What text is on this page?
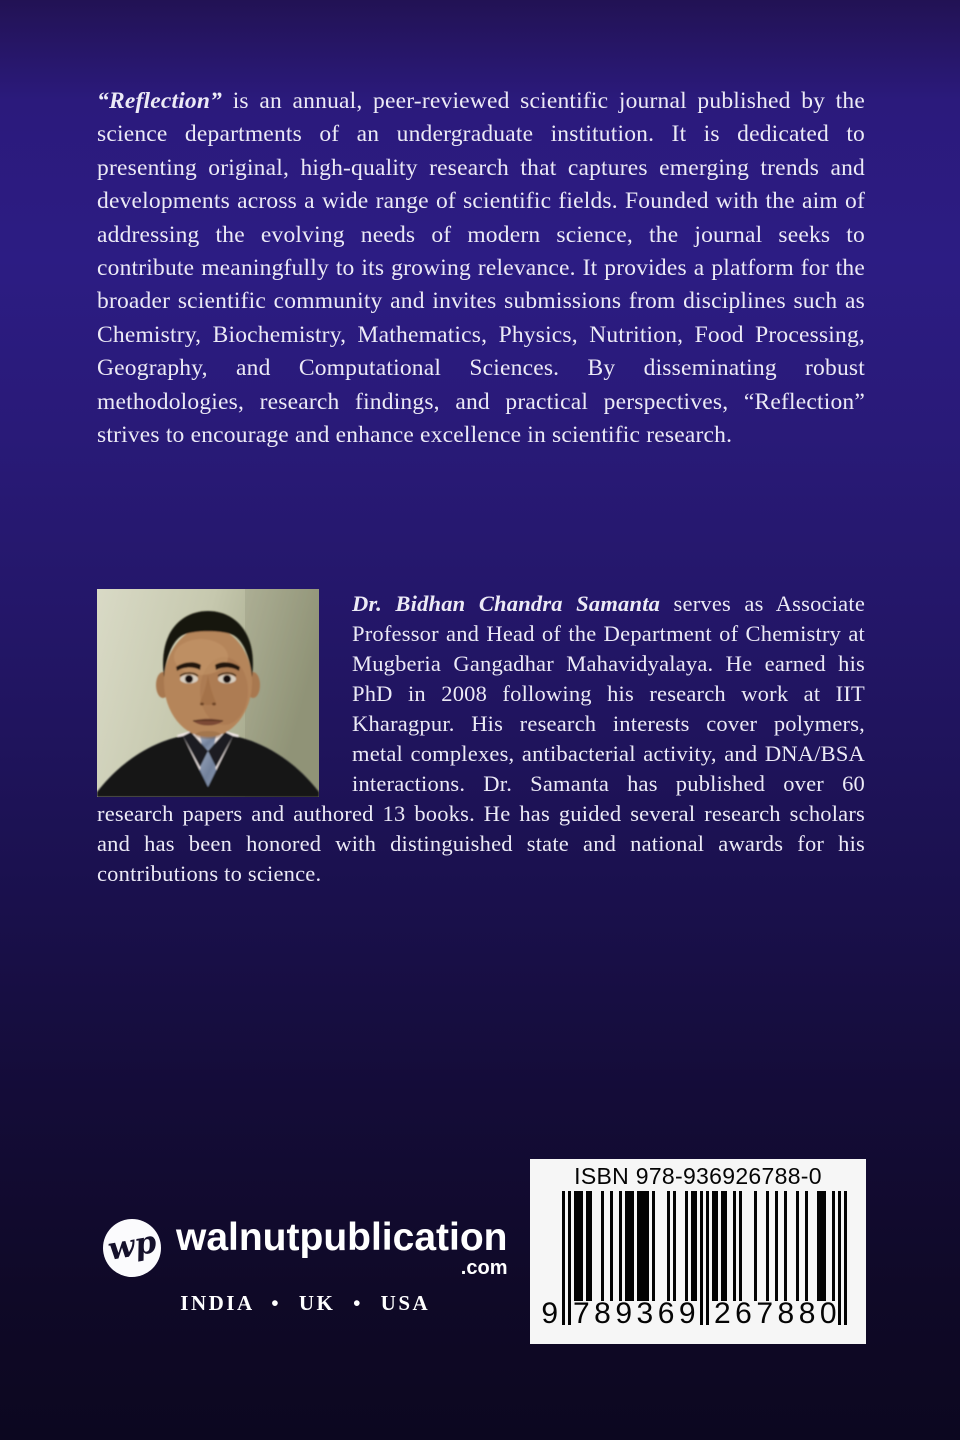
“Reflection” is an annual, peer-reviewed scientific journal published by the science departments of an undergraduate institution. It is dedicated to presenting original, high-quality research that captures emerging trends and developments across a wide range of scientific fields. Founded with the aim of addressing the evolving needs of modern science, the journal seeks to contribute meaningfully to its growing relevance. It provides a platform for the broader scientific community and invites submissions from disciplines such as Chemistry, Biochemistry, Mathematics, Physics, Nutrition, Food Processing, Geography, and Computational Sciences. By disseminating robust methodologies, research findings, and practical perspectives, “Reflection” strives to encourage and enhance excellence in scientific research.

Dr. Bidhan Chandra Samanta serves as Associate Professor and Head of the Department of Chemistry at Mugberia Gangadhar Mahavidyalaya. He earned his PhD in 2008 following his research work at IIT Kharagpur. His research interests cover polymers, metal complexes, antibacterial activity, and DNA/BSA interactions. Dr. Samanta has published over 60 research papers and authored 13 books. He has guided several research scholars and has been honored with distinguished state and national awards for his contributions to science.

wp walnutpublication
.com
INDIA • UK • USA
ISBN 978-936926788-0
9 789369 267880
